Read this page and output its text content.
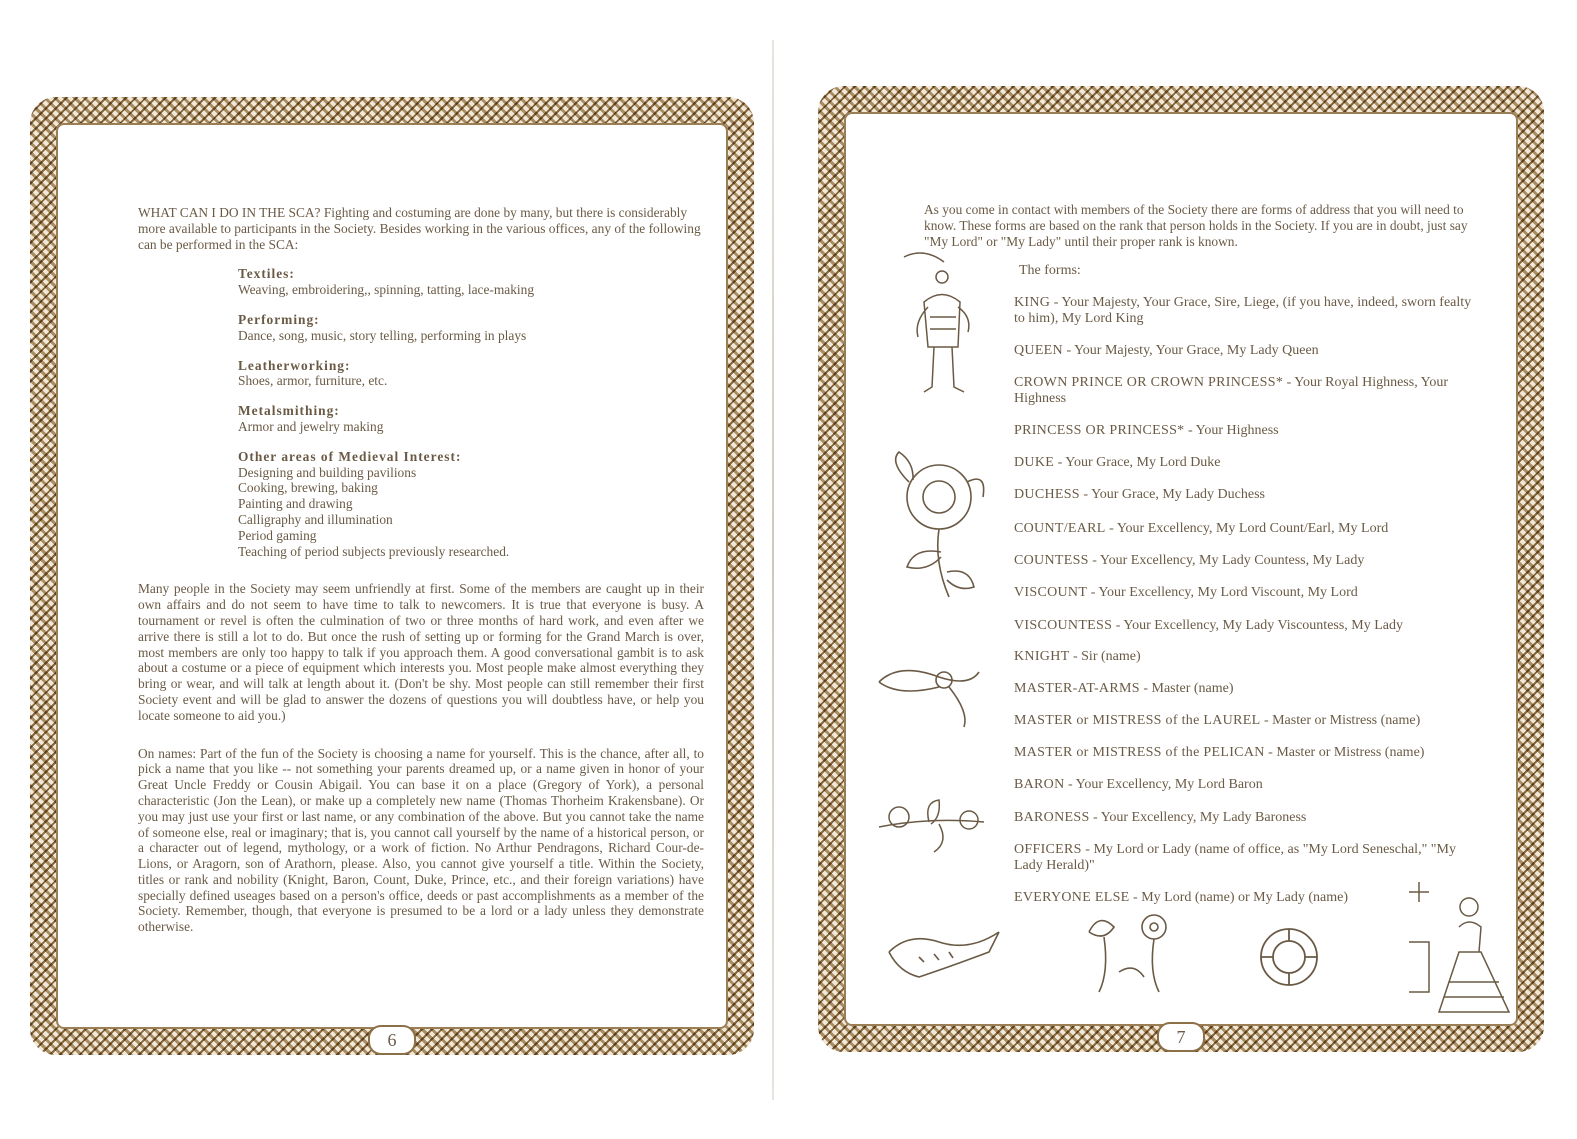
WHAT CAN I DO IN THE SCA? Fighting and costuming are done by many, but there is considerably more available to participants in the Society. Besides working in the various offices, any of the following can be performed in the SCA:

Textiles:
Weaving, embroidering,, spinning, tatting, lace-making
Performing:
Dance, song, music, story telling, performing in plays
Leatherworking:
Shoes, armor, furniture, etc.
Metalsmithing:
Armor and jewelry making
Other areas of Medieval Interest:
Designing and building pavilions
Cooking, brewing, baking
Painting and drawing
Calligraphy and illumination
Period gaming
Teaching of period subjects previously researched.

Many people in the Society may seem unfriendly at first. Some of the members are caught up in their own affairs and do not seem to have time to talk to newcomers. It is true that everyone is busy. A tournament or revel is often the culmination of two or three months of hard work, and even after we arrive there is still a lot to do. But once the rush of setting up or forming for the Grand March is over, most members are only too happy to talk if you approach them. A good conversational gambit is to ask about a costume or a piece of equipment which interests you. Most people make almost everything they bring or wear, and will talk at length about it. (Don't be shy. Most people can still remember their first Society event and will be glad to answer the dozens of questions you will doubtless have, or help you locate someone to aid you.)

On names: Part of the fun of the Society is choosing a name for yourself. This is the chance, after all, to pick a name that you like -- not something your parents dreamed up, or a name given in honor of your Great Uncle Freddy or Cousin Abigail. You can base it on a place (Gregory of York), a personal characteristic (Jon the Lean), or make up a completely new name (Thomas Thorheim Krakensbane). Or you may just use your first or last name, or any combination of the above. But you cannot take the name of someone else, real or imaginary; that is, you cannot call yourself by the name of a historical person, or a character out of legend, mythology, or a work of fiction. No Arthur Pendragons, Richard Cour-de-Lions, or Aragorn, son of Arathorn, please. Also, you cannot give yourself a title. Within the Society, titles or rank and nobility (Knight, Baron, Count, Duke, Prince, etc., and their foreign variations) have specially defined useages based on a person's office, deeds or past accomplishments as a member of the Society. Remember, though, that everyone is presumed to be a lord or a lady unless they demonstrate otherwise.

6

As you come in contact with members of the Society there are forms of address that you will need to know. These forms are based on the rank that person holds in the Society. If you are in doubt, just say "My Lord" or "My Lady" until their proper rank is known.

The forms:
KING - Your Majesty, Your Grace, Sire, Liege, (if you have, indeed, sworn fealty to him), My Lord King
QUEEN - Your Majesty, Your Grace, My Lady Queen
CROWN PRINCE OR CROWN PRINCESS* - Your Royal Highness, Your Highness
PRINCESS OR PRINCESS* - Your Highness
DUKE - Your Grace, My Lord Duke
DUCHESS - Your Grace, My Lady Duchess
COUNT/EARL - Your Excellency, My Lord Count/Earl, My Lord
COUNTESS - Your Excellency, My Lady Countess, My Lady
VISCOUNT - Your Excellency, My Lord Viscount, My Lord
VISCOUNTESS - Your Excellency, My Lady Viscountess, My Lady
KNIGHT - Sir (name)
MASTER-AT-ARMS - Master (name)
MASTER or MISTRESS of the LAUREL - Master or Mistress (name)
MASTER or MISTRESS of the PELICAN - Master or Mistress (name)
BARON - Your Excellency, My Lord Baron
BARONESS - Your Excellency, My Lady Baroness
OFFICERS - My Lord or Lady (name of office, as "My Lord Seneschal," "My Lady Herald)"
EVERYONE ELSE - My Lord (name) or My Lady (name)
7
